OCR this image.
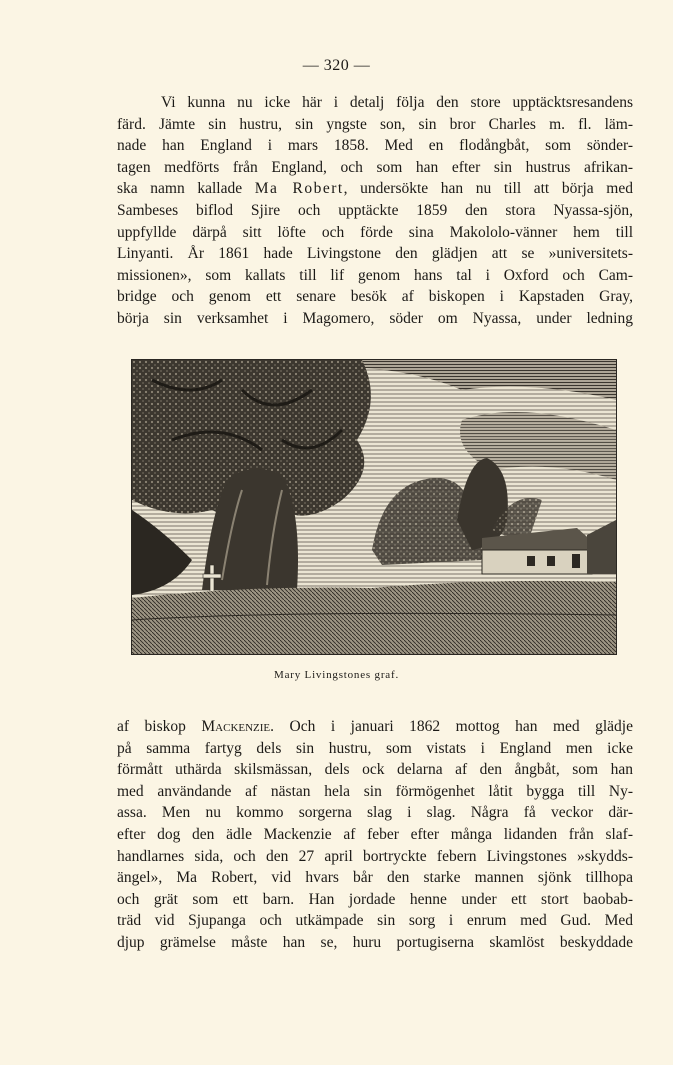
— 320 —
Vi kunna nu icke här i detalj följa den store upptäcktsresandens
färd. Jämte sin hustru, sin yngste son, sin bror Charles m. fl. läm-
nade han England i mars 1858. Med en flodångbåt, som sönder-
tagen medförts från England, och som han efter sin hustrus afrikan-
ska namn kallade Ma Robert, undersökte han nu till att börja med
Sambeses biflod Sjire och upptäckte 1859 den stora Nyassa-sjön,
uppfyllde därpå sitt löfte och förde sina Makololo-vänner hem till
Linyanti. År 1861 hade Livingstone den glädjen att se »universitets-
missionen», som kallats till lif genom hans tal i Oxford och Cam-
bridge och genom ett senare besök af biskopen i Kapstaden Gray,
börja sin verksamhet i Magomero, söder om Nyassa, under ledning
Mary Livingstones graf.
af biskop Mackenzie. Och i januari 1862 mottog han med glädje
på samma fartyg dels sin hustru, som vistats i England men icke
förmått uthärda skilsmässan, dels ock delarna af den ångbåt, som han
med användande af nästan hela sin förmögenhet låtit bygga till Ny-
assa. Men nu kommo sorgerna slag i slag. Några få veckor där-
efter dog den ädle Mackenzie af feber efter många lidanden från slaf-
handlarnes sida, och den 27 april bortryckte febern Livingstones »skydds-
ängel», Ma Robert, vid hvars bår den starke mannen sjönk tillhopa
och grät som ett barn. Han jordade henne under ett stort baobab-
träd vid Sjupanga och utkämpade sin sorg i enrum med Gud. Med
djup grämelse måste han se, huru portugiserna skamlöst beskyddade
